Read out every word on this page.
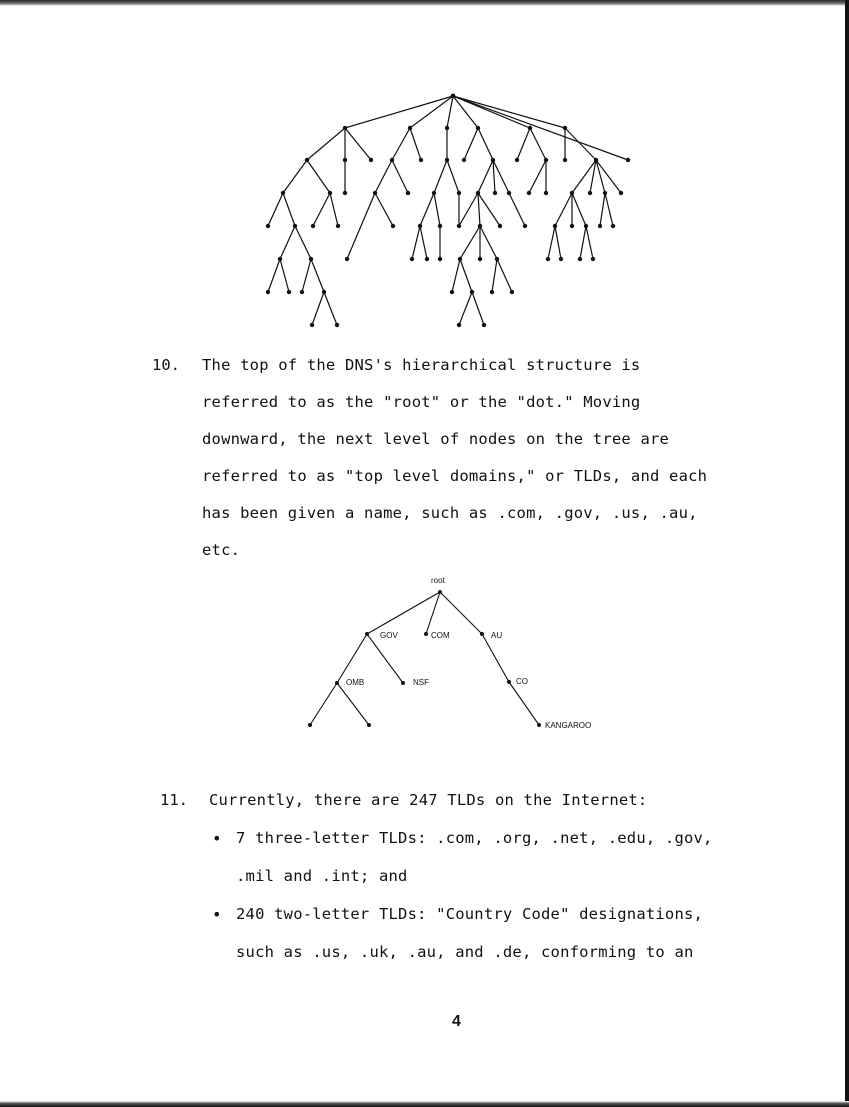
10. The top of the DNS's hierarchical structure is
referred to as the "root" or the "dot." Moving
downward, the next level of nodes on the tree are
referred to as "top level domains," or TLDs, and each
has been given a name, such as .com, .gov, .us, .au,
etc.
root
GOV	COM	AU
OMB	NSF	CO
KANGAROO
11. Currently, there are 247 TLDs on the Internet:
• 7 three-letter TLDs: .com, .org, .net, .edu, .gov,
.mil and .int; and
• 240 two-letter TLDs: "Country Code" designations,
such as .us, .uk, .au, and .de, conforming to an
4
